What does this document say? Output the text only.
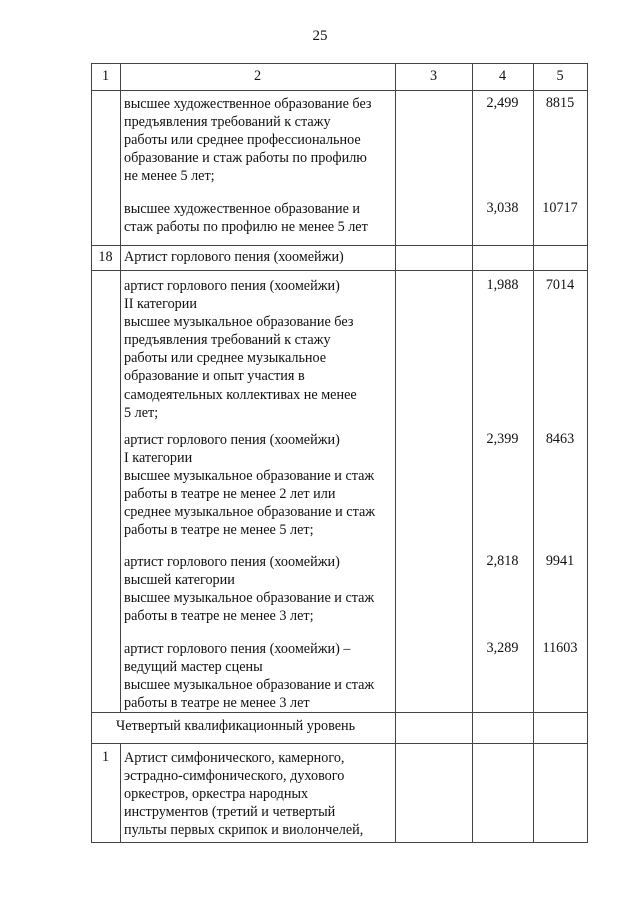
25
1	2	3	4	5
высшее художественное образование без
предъявления требований к стажу
работы или среднее профессиональное
образование и стаж работы по профилю
не менее 5 лет;
2,499	8815
высшее художественное образование и
стаж работы по профилю не менее 5 лет
3,038	10717
18 Артист горлового пения (хоомейжи)
артист горлового пения (хоомейжи)
II категории
высшее музыкальное образование без
предъявления требований к стажу
работы или среднее музыкальное
образование и опыт участия в
самодеятельных коллективах не менее
5 лет;
1,988	7014
артист горлового пения (хоомейжи)
I категории
высшее музыкальное образование и стаж
работы в театре не менее 2 лет или
среднее музыкальное образование и стаж
работы в театре не менее 5 лет;
2,399	8463
артист горлового пения (хоомейжи)
высшей категории
высшее музыкальное образование и стаж
работы в театре не менее 3 лет;
2,818	9941
артист горлового пения (хоомейжи) –
ведущий мастер сцены
высшее музыкальное образование и стаж
работы в театре не менее 3 лет
3,289	11603
Четвертый квалификационный уровень
1	Артист симфонического, камерного,
эстрадно-симфонического, духового
оркестров, оркестра народных
инструментов (третий и четвертый
пульты первых скрипок и виолончелей,
